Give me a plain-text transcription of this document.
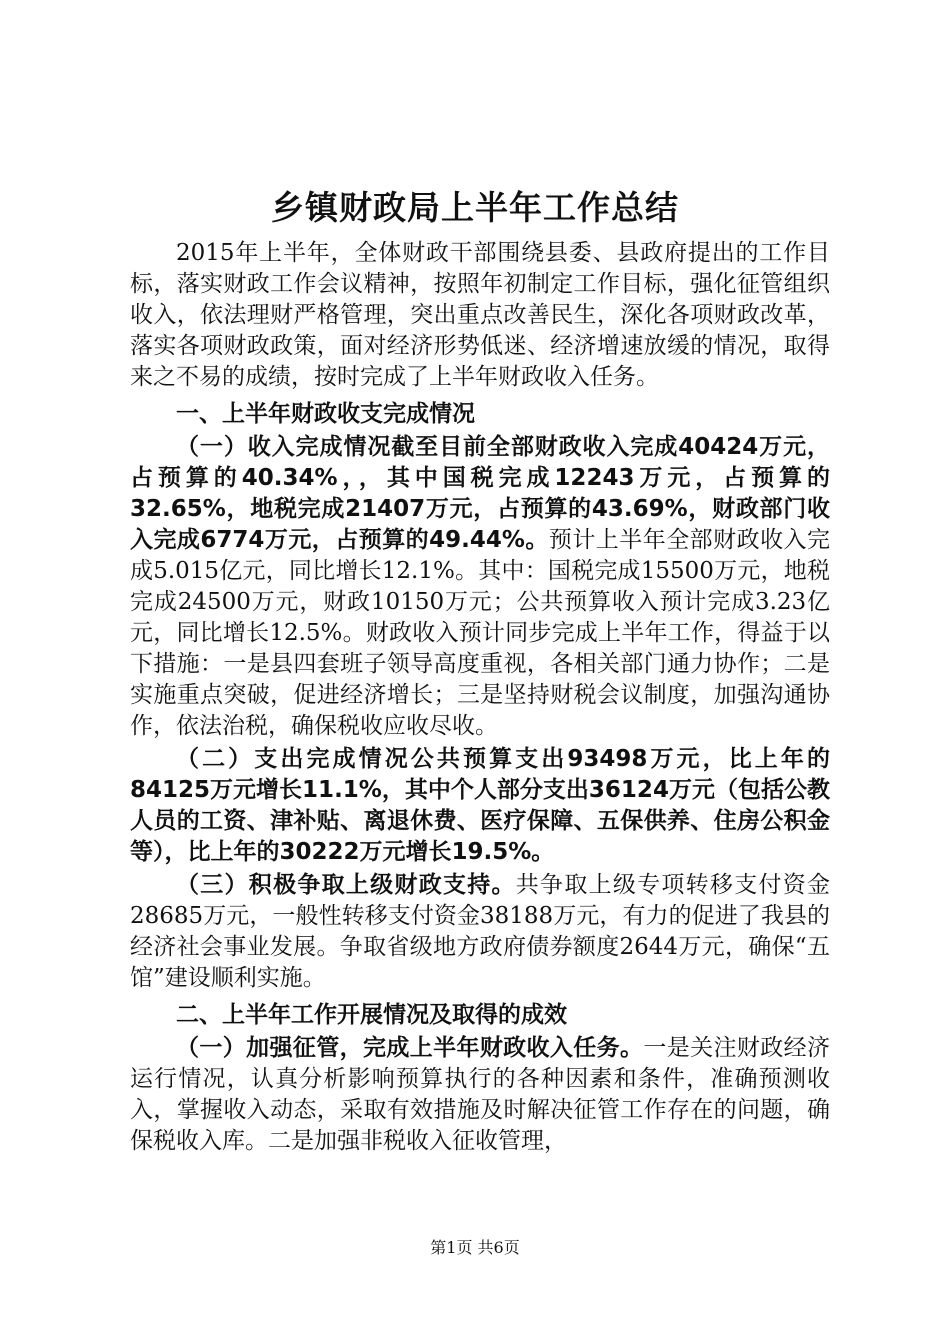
乡镇财政局上半年工作总结

2015年上半年，全体财政干部围绕县委、县政府提出的工作目标，落实财政工作会议精神，按照年初制定工作目标，强化征管组织收入，依法理财严格管理，突出重点改善民生，深化各项财政改革，落实各项财政政策，面对经济形势低迷、经济增速放缓的情况，取得来之不易的成绩，按时完成了上半年财政收入任务。

一、上半年财政收支完成情况

（一）收入完成情况截至目前全部财政收入完成40424万元，占预算的40.34%，，其中国税完成12243万元，占预算的32.65%，地税完成21407万元，占预算的43.69%，财政部门收入完成6774万元，占预算的49.44%。预计上半年全部财政收入完成5.015亿元，同比增长12.1%。其中：国税完成15500万元，地税完成24500万元，财政10150万元；公共预算收入预计完成3.23亿元，同比增长12.5%。财政收入预计同步完成上半年工作，得益于以下措施：一是县四套班子领导高度重视，各相关部门通力协作；二是实施重点突破，促进经济增长；三是坚持财税会议制度，加强沟通协作，依法治税，确保税收应收尽收。

（二）支出完成情况公共预算支出93498万元，比上年的84125万元增长11.1%，其中个人部分支出36124万元（包括公教人员的工资、津补贴、离退休费、医疗保障、五保供养、住房公积金等），比上年的30222万元增长19.5%。

（三）积极争取上级财政支持。共争取上级专项转移支付资金28685万元，一般性转移支付资金38188万元，有力的促进了我县的经济社会事业发展。争取省级地方政府债券额度2644万元，确保“五馆”建设顺利实施。

二、上半年工作开展情况及取得的成效

（一）加强征管，完成上半年财政收入任务。一是关注财政经济运行情况，认真分析影响预算执行的各种因素和条件，准确预测收入，掌握收入动态，采取有效措施及时解决征管工作存在的问题，确保税收入库。二是加强非税收入征收管理，

第1页 共6页
